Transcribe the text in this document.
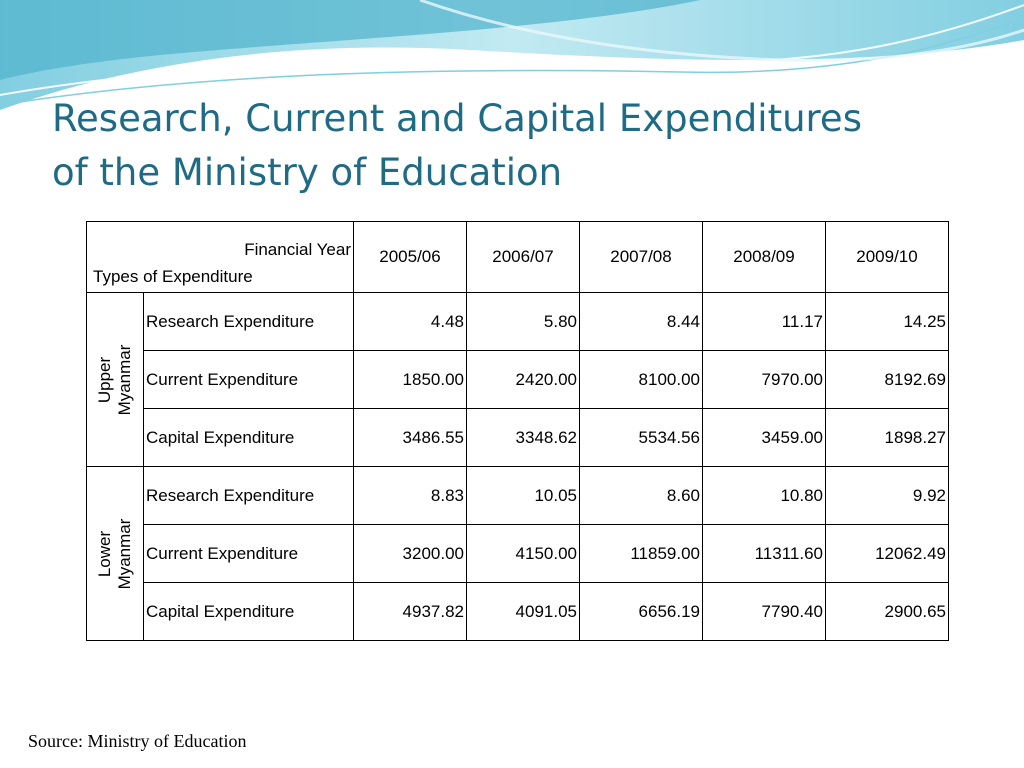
Research, Current and Capital Expenditures
of the Ministry of Education
Financial Year
Types of Expenditure		2005/06	2006/07	2007/08	2008/09	2009/10

Upper Myanmar	Research Expenditure	4.48	5.80	8.44	11.17	14.25
	Current Expenditure	1850.00	2420.00	8100.00	7970.00	8192.69
	Capital Expenditure	3486.55	3348.62	5534.56	3459.00	1898.27

Lower Myanmar	Research Expenditure	8.83	10.05	8.60	10.80	9.92
	Current Expenditure	3200.00	4150.00	11859.00	11311.60	12062.49
	Capital Expenditure	4937.82	4091.05	6656.19	7790.40	2900.65
Source: Ministry of Education
